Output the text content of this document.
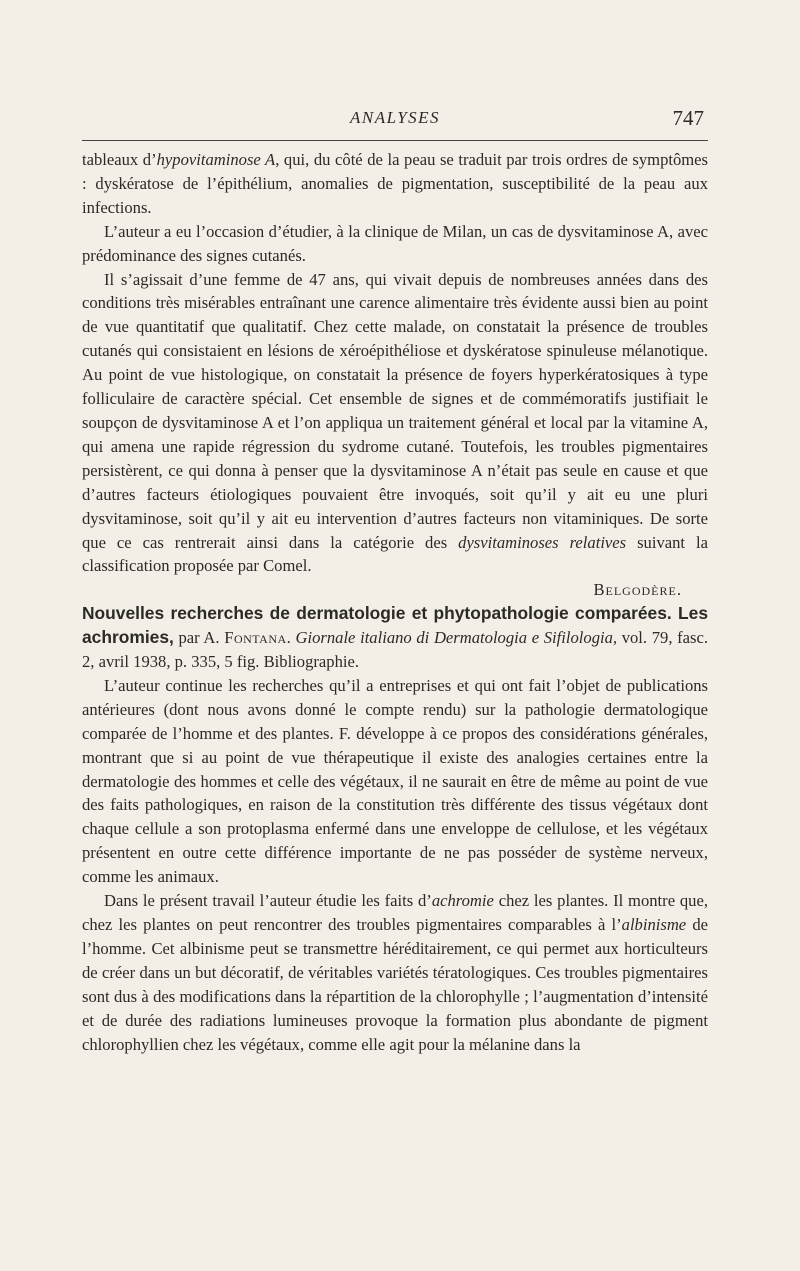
ANALYSES	747

tableaux d’hypovitaminose A, qui, du côté de la peau se traduit par trois ordres de symptômes : dyskératose de l’épithélium, anomalies de pigmentation, susceptibilité de la peau aux infections.

L’auteur a eu l’occasion d’étudier, à la clinique de Milan, un cas de dysvitaminose A, avec prédominance des signes cutanés.

Il s’agissait d’une femme de 47 ans, qui vivait depuis de nombreuses années dans des conditions très misérables entraînant une carence alimentaire très évidente aussi bien au point de vue quantitatif que qualitatif. Chez cette malade, on constatait la présence de troubles cutanés qui consistaient en lésions de xéroépithéliose et dyskératose spinuleuse mélanotique. Au point de vue histologique, on constatait la présence de foyers hyperkératosiques à type folliculaire de caractère spécial. Cet ensemble de signes et de commémoratifs justifiait le soupçon de dysvitaminose A et l’on appliqua un traitement général et local par la vitamine A, qui amena une rapide régression du sydrome cutané. Toutefois, les troubles pigmentaires persistèrent, ce qui donna à penser que la dysvitaminose A n’était pas seule en cause et que d’autres facteurs étiologiques pouvaient être invoqués, soit qu’il y ait eu une pluri dysvitaminose, soit qu’il y ait eu intervention d’autres facteurs non vitaminiques. De sorte que ce cas rentrerait ainsi dans la catégorie des dysvitaminoses relatives suivant la classification proposée par Comel.

Belgodère.

Nouvelles recherches de dermatologie et phytopathologie comparées. Les achromies, par A. Fontana. Giornale italiano di Dermatologia e Sifilologia, vol. 79, fasc. 2, avril 1938, p. 335, 5 fig. Bibliographie.

L’auteur continue les recherches qu’il a entreprises et qui ont fait l’objet de publications antérieures (dont nous avons donné le compte rendu) sur la pathologie dermatologique comparée de l’homme et des plantes. F. développe à ce propos des considérations générales, montrant que si au point de vue thérapeutique il existe des analogies certaines entre la dermatologie des hommes et celle des végétaux, il ne saurait en être de même au point de vue des faits pathologiques, en raison de la constitution très différente des tissus végétaux dont chaque cellule a son protoplasma enfermé dans une enveloppe de cellulose, et les végétaux présentent en outre cette différence importante de ne pas posséder de système nerveux, comme les animaux.

Dans le présent travail l’auteur étudie les faits d’achromie chez les plantes. Il montre que, chez les plantes on peut rencontrer des troubles pigmentaires comparables à l’albinisme de l’homme. Cet albinisme peut se transmettre héréditairement, ce qui permet aux horticulteurs de créer dans un but décoratif, de véritables variétés tératologiques. Ces troubles pigmentaires sont dus à des modifications dans la répartition de la chlorophylle ; l’augmentation d’intensité et de durée des radiations lumineuses provoque la formation plus abondante de pigment chlorophyllien chez les végétaux, comme elle agit pour la mélanine dans la
